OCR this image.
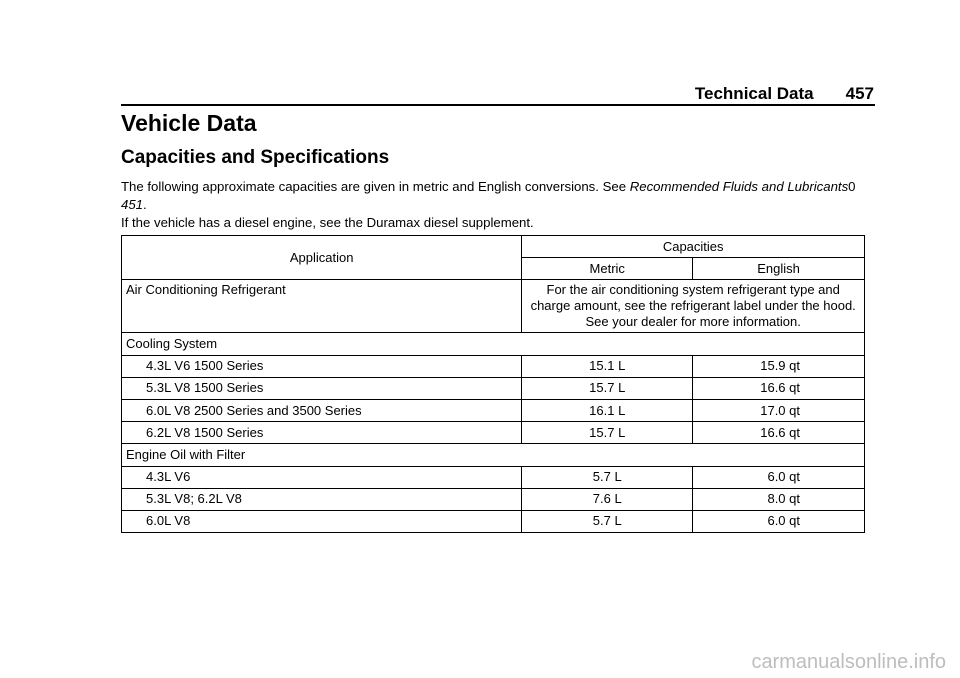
Technical Data 457
Vehicle Data
Capacities and Specifications

The following approximate capacities are given in metric and English conversions. See Recommended Fluids and Lubricants0 451.

If the vehicle has a diesel engine, see the Duramax diesel supplement.

Application	Capacities	
	Metric	English
Air Conditioning Refrigerant	For the air conditioning system refrigerant type and charge amount, see the refrigerant label under the hood. See your dealer for more information.	
Cooling System		
4.3L V6 1500 Series	15.1 L	15.9 qt
5.3L V8 1500 Series	15.7 L	16.6 qt
6.0L V8 2500 Series and 3500 Series	16.1 L	17.0 qt
6.2L V8 1500 Series	15.7 L	16.6 qt
Engine Oil with Filter		
4.3L V6	5.7 L	6.0 qt
5.3L V8; 6.2L V8	7.6 L	8.0 qt
6.0L V8	5.7 L	6.0 qt
carmanualsonline.info
